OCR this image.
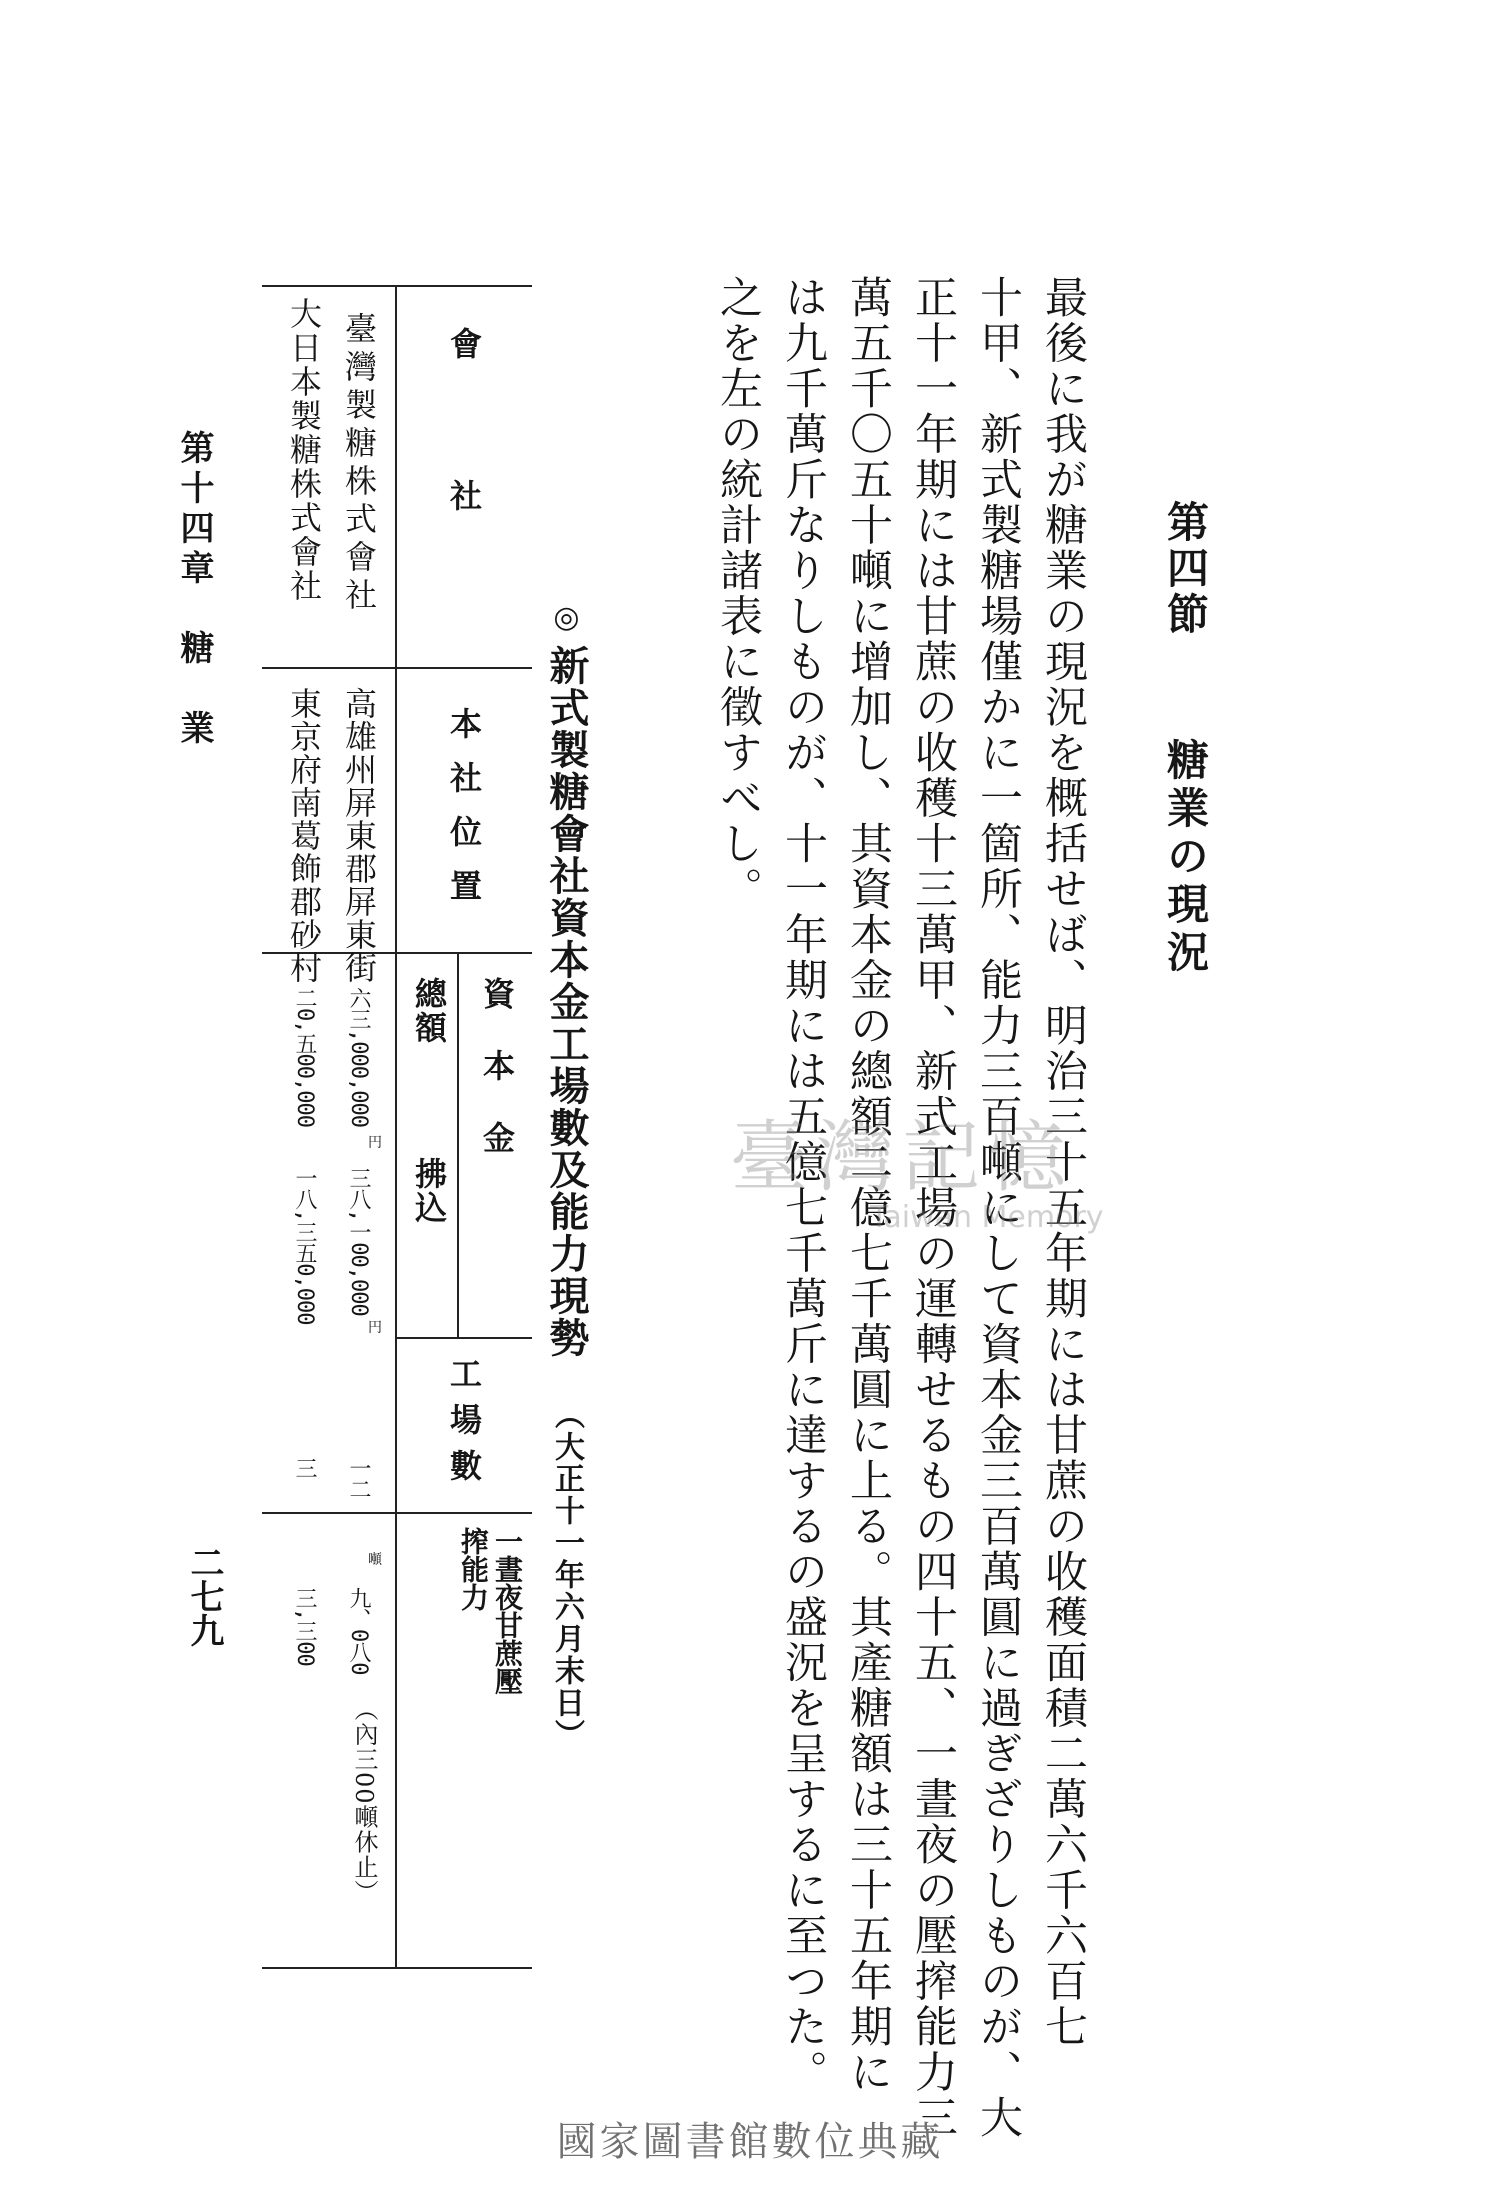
第四節糖業の現況
最後に我が糖業の現況を概括せば、明治三十五年期には甘蔗の收穫面積二萬六千六百七
十甲、新式製糖場僅かに一箇所、能力三百噸にして資本金三百萬圓に過ぎざりしものが、大
正十一年期には甘蔗の收穫十三萬甲、新式工場の運轉せるもの四十五、一晝夜の壓搾能力三
萬五千〇五十噸に增加し、其資本金の總額二億七千萬圓に上る。其產糖額は三十五年期に
は九千萬斤なりしものが、十一年期には五億七千萬斤に達するの盛況を呈するに至つた。
之を左の統計諸表に徵すべし。
◎新式製糖會社資本金工場數及能力現勢（大正十一年六月末日）
會社
本社位置
資本金
總額
拂込
工場數
一晝夜甘蔗壓搾能力
臺灣製糖株式會社
高雄州屏東郡屏東街
六三,000,000
円
三八,一00,000
円
一二
九、0八0
噸
（內三00噸休止）
大日本製糖株式會社
東京府南葛飾郡砂村
二0,五00,000
一八,三五0,000
三
三,三00
第十四章　糖　業
二七九
臺灣記憶
Taiwan Memory
國家圖書館數位典藏
